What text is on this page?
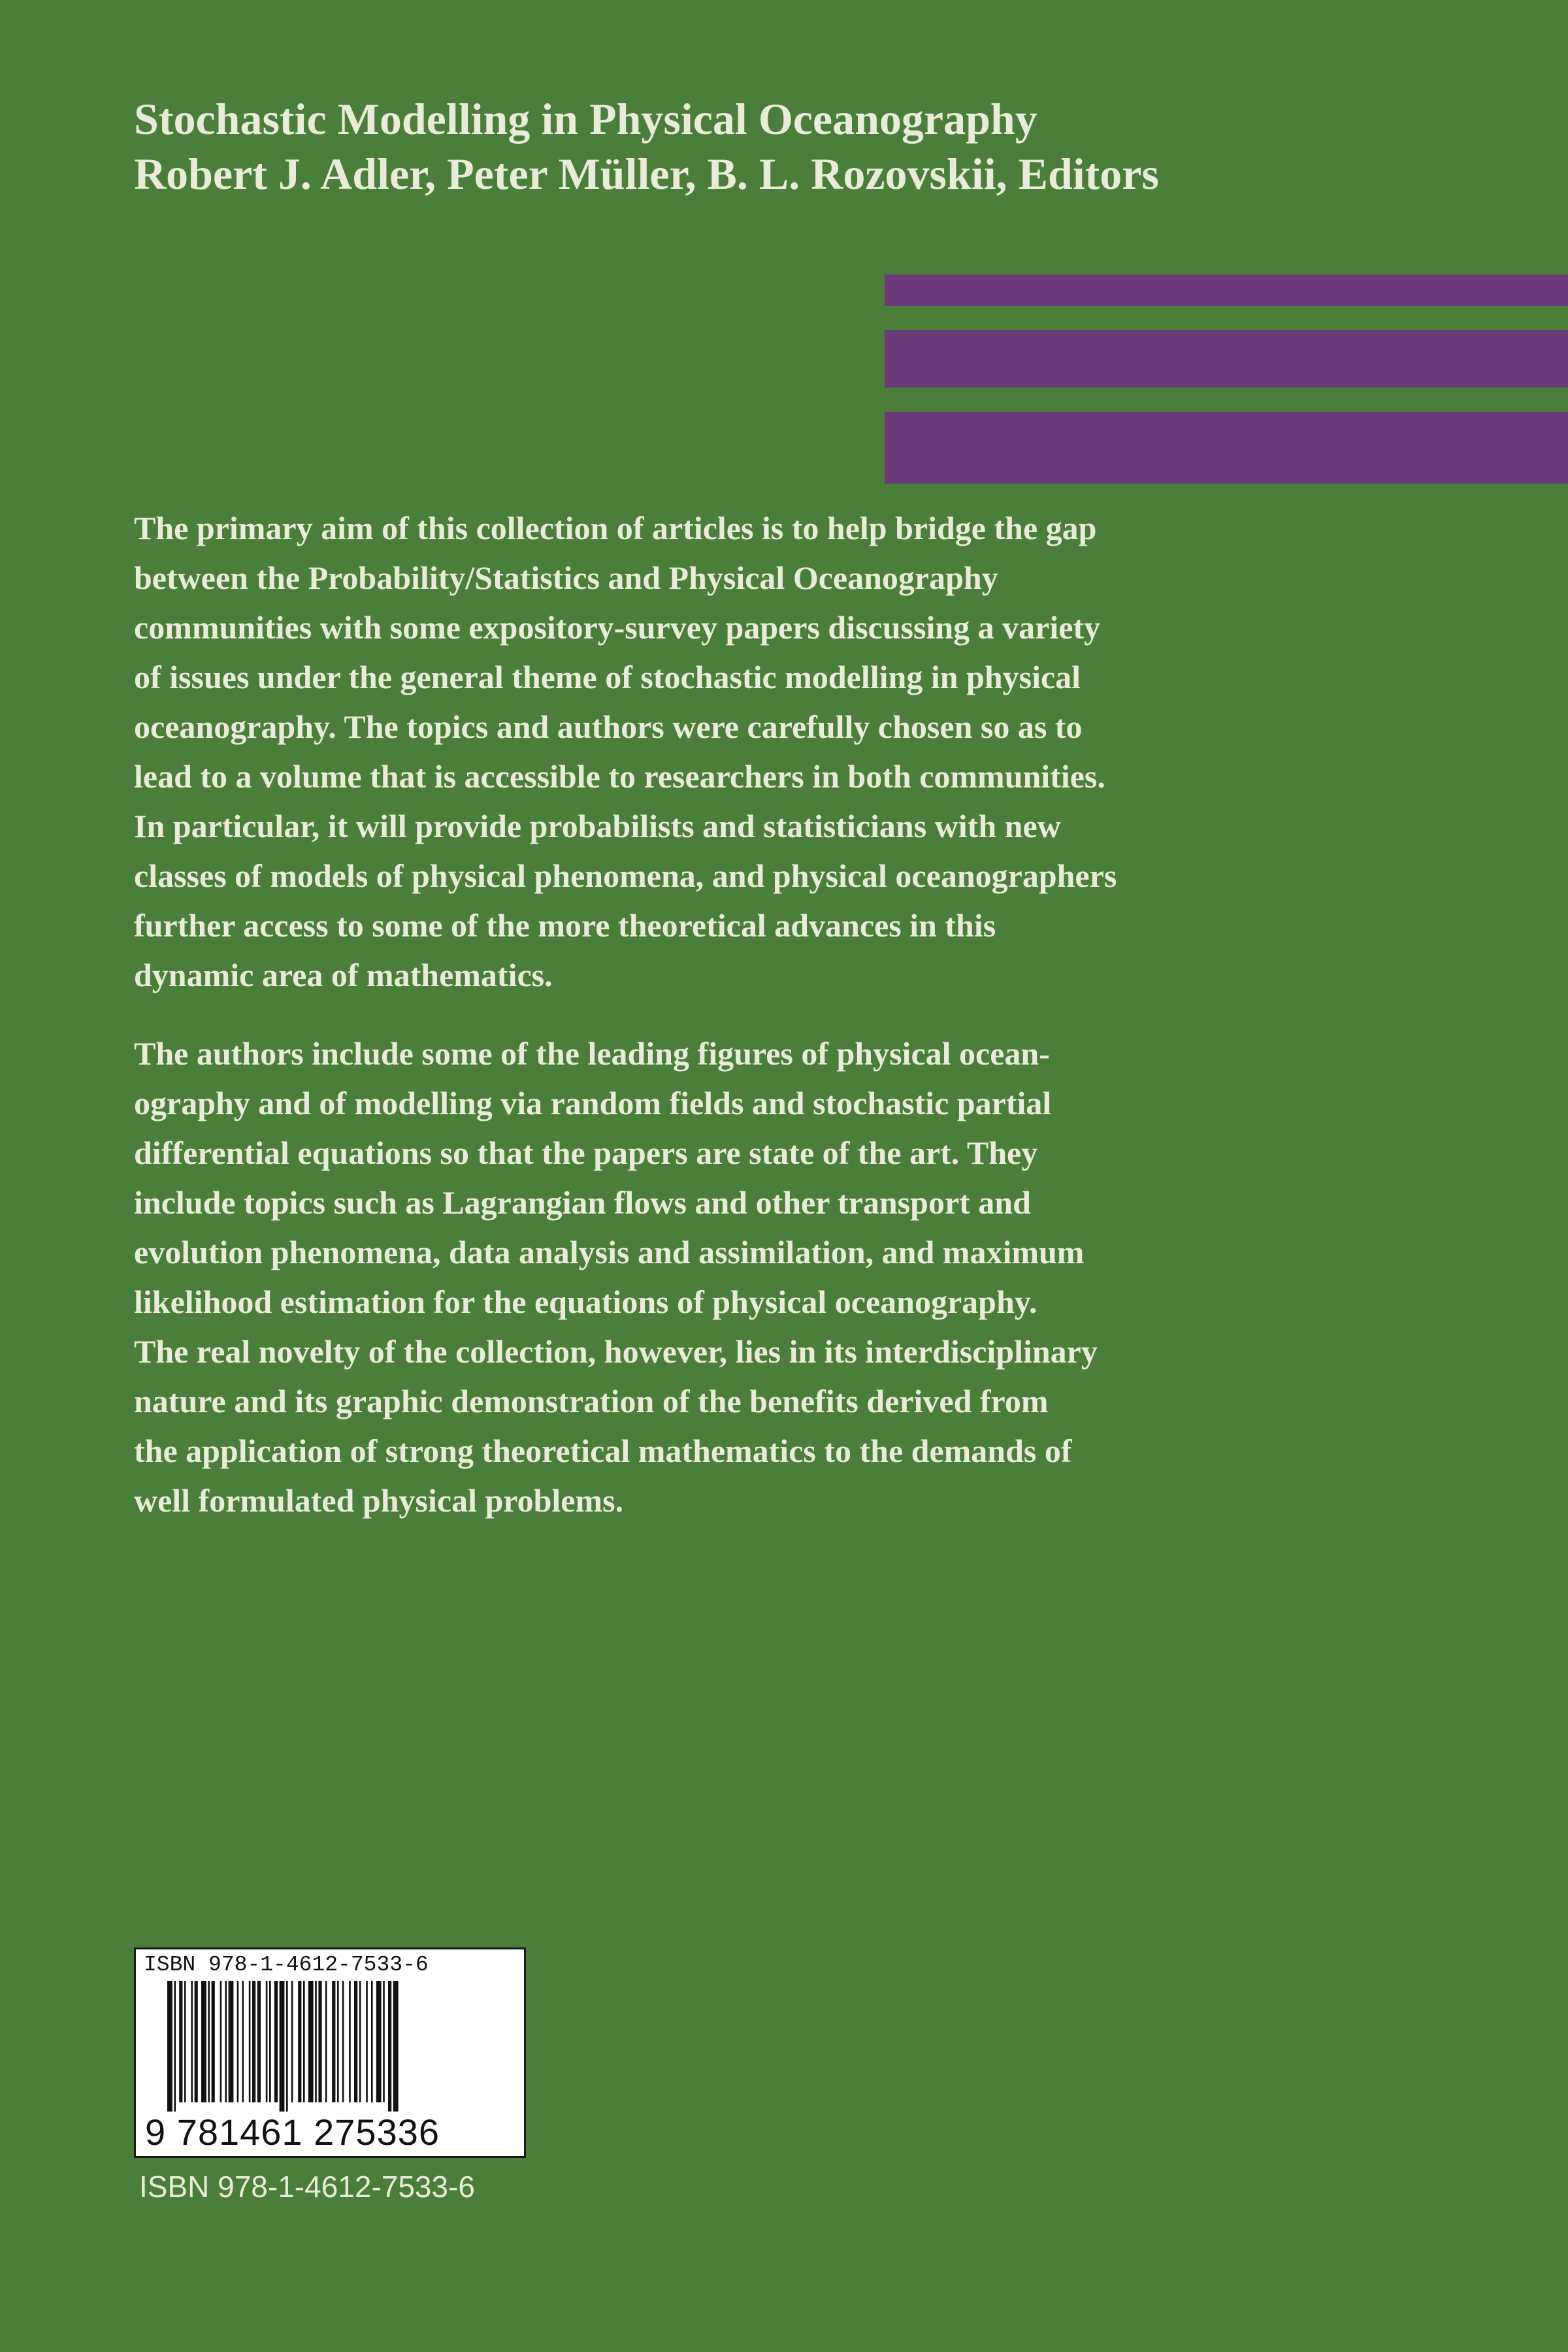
Stochastic Modelling in Physical Oceanography
Robert J. Adler, Peter Müller, B. L. Rozovskii, Editors

The primary aim of this collection of articles is to help bridge the gap
between the Probability/Statistics and Physical Oceanography
communities with some expository-survey papers discussing a variety
of issues under the general theme of stochastic modelling in physical
oceanography. The topics and authors were carefully chosen so as to
lead to a volume that is accessible to researchers in both communities.
In particular, it will provide probabilists and statisticians with new
classes of models of physical phenomena, and physical oceanographers
further access to some of the more theoretical advances in this
dynamic area of mathematics.

The authors include some of the leading figures of physical ocean-
ography and of modelling via random fields and stochastic partial
differential equations so that the papers are state of the art. They
include topics such as Lagrangian flows and other transport and
evolution phenomena, data analysis and assimilation, and maximum
likelihood estimation for the equations of physical oceanography.
The real novelty of the collection, however, lies in its interdisciplinary
nature and its graphic demonstration of the benefits derived from
the application of strong theoretical mathematics to the demands of
well formulated physical problems.

ISBN 978-1-4612-7533-6
9 781461 275336
ISBN 978-1-4612-7533-6
